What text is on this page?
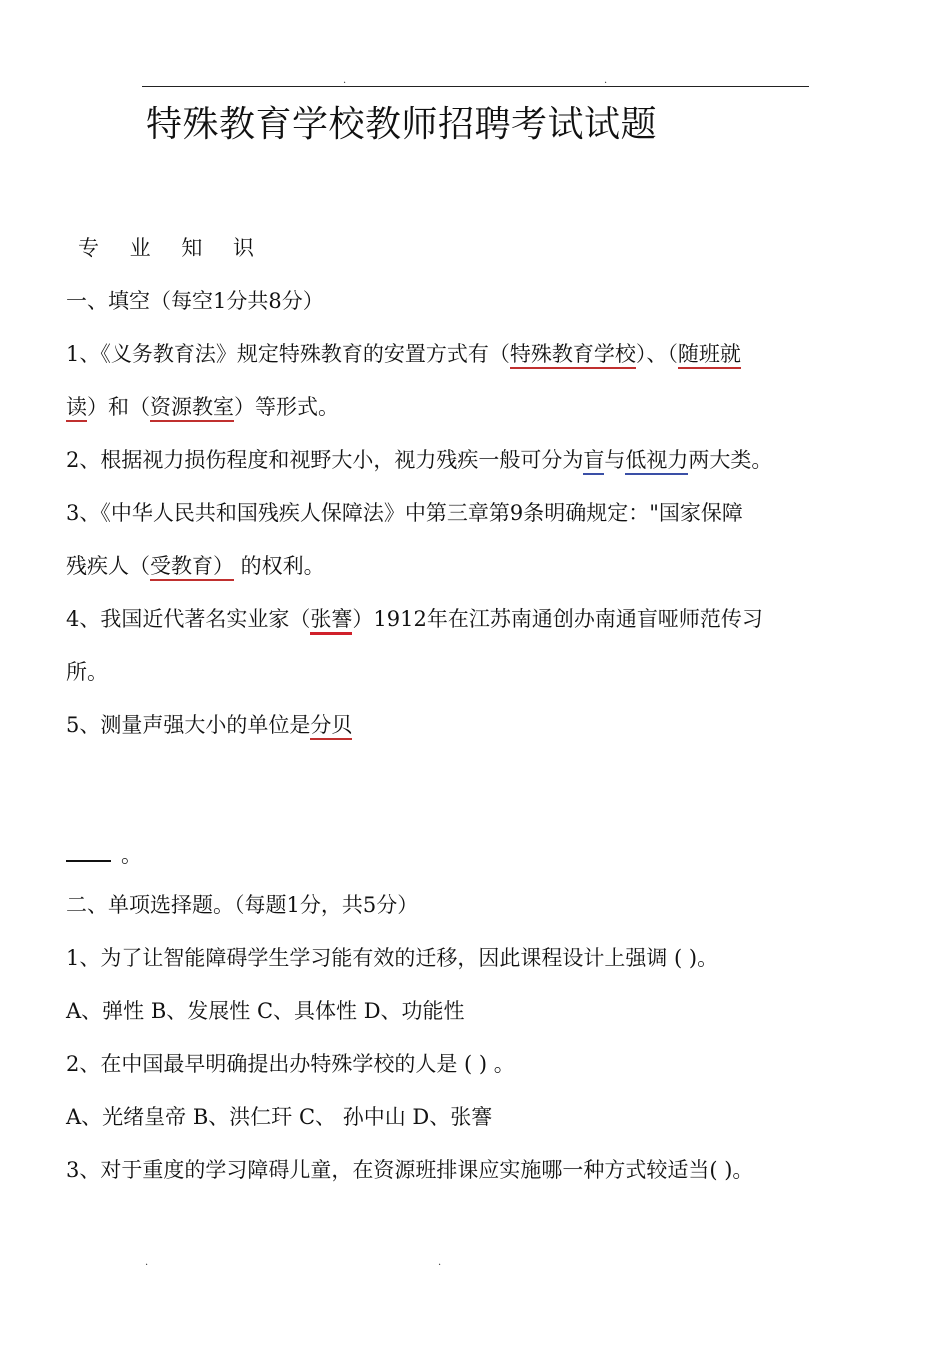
.	.
特殊教育学校教师招聘考试试题
专 业 知 识
一、填空（每空1分共8分）
1、《义务教育法》规定特殊教育的安置方式有（特殊教育学校）、（随班就
读）和（资源教室）等形式。
2、根据视力损伤程度和视野大小，视力残疾一般可分为盲与低视力两大类。
3、《中华人民共和国残疾人保障法》中第三章第9条明确规定："国家保障
残疾人（受教育） 的权利。
4、我国近代著名实业家（张謇）1912年在江苏南通创办南通盲哑师范传习
所。
5、测量声强大小的单位是分贝
。
二、单项选择题。（每题1分，共5分）
1、为了让智能障碍学生学习能有效的迁移，因此课程设计上强调 ( )。
A、弹性 B、发展性 C、具体性 D、功能性
2、在中国最早明确提出办特殊学校的人是 ( ) 。
A、光绪皇帝 B、洪仁玕 C、 孙中山 D、张謇
3、对于重度的学习障碍儿童，在资源班排课应实施哪一种方式较适当( )。
.	.
